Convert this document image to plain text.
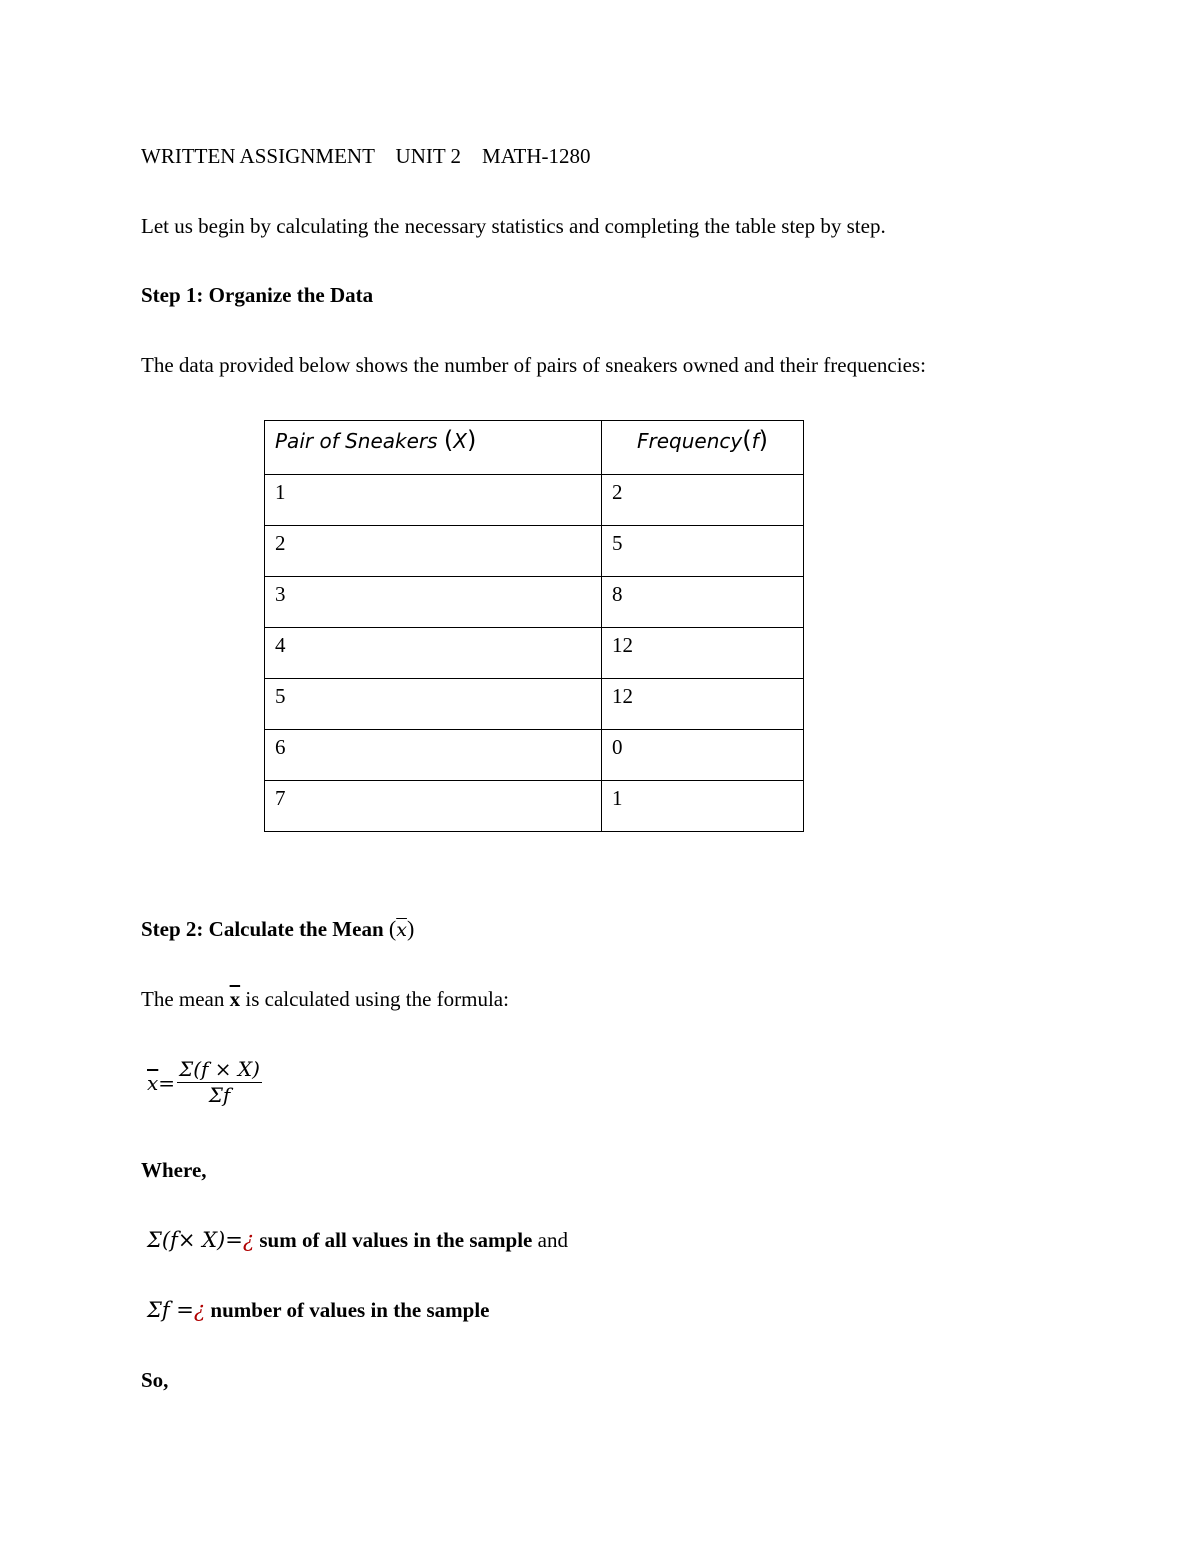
WRITTEN ASSIGNMENT    UNIT 2    MATH-1280
Let us begin by calculating the necessary statistics and completing the table step by step.
Step 1: Organize the Data
The data provided below shows the number of pairs of sneakers owned and their frequencies:
Pair of Sneakers (X)	Frequency(f)
1	2
2	5
3	8
4	12
5	12
6	0
7	1
Step 2: Calculate the Mean $(\overline{x})$
The mean $\overline{x}$ is calculated using the formula:
$\overline{x} = \frac{\Sigma(f \times X)}{\Sigma f}$
Where,
Σ(f× X)=¿ sum of all values in the sample and
Σf =¿ number of values in the sample
So,
